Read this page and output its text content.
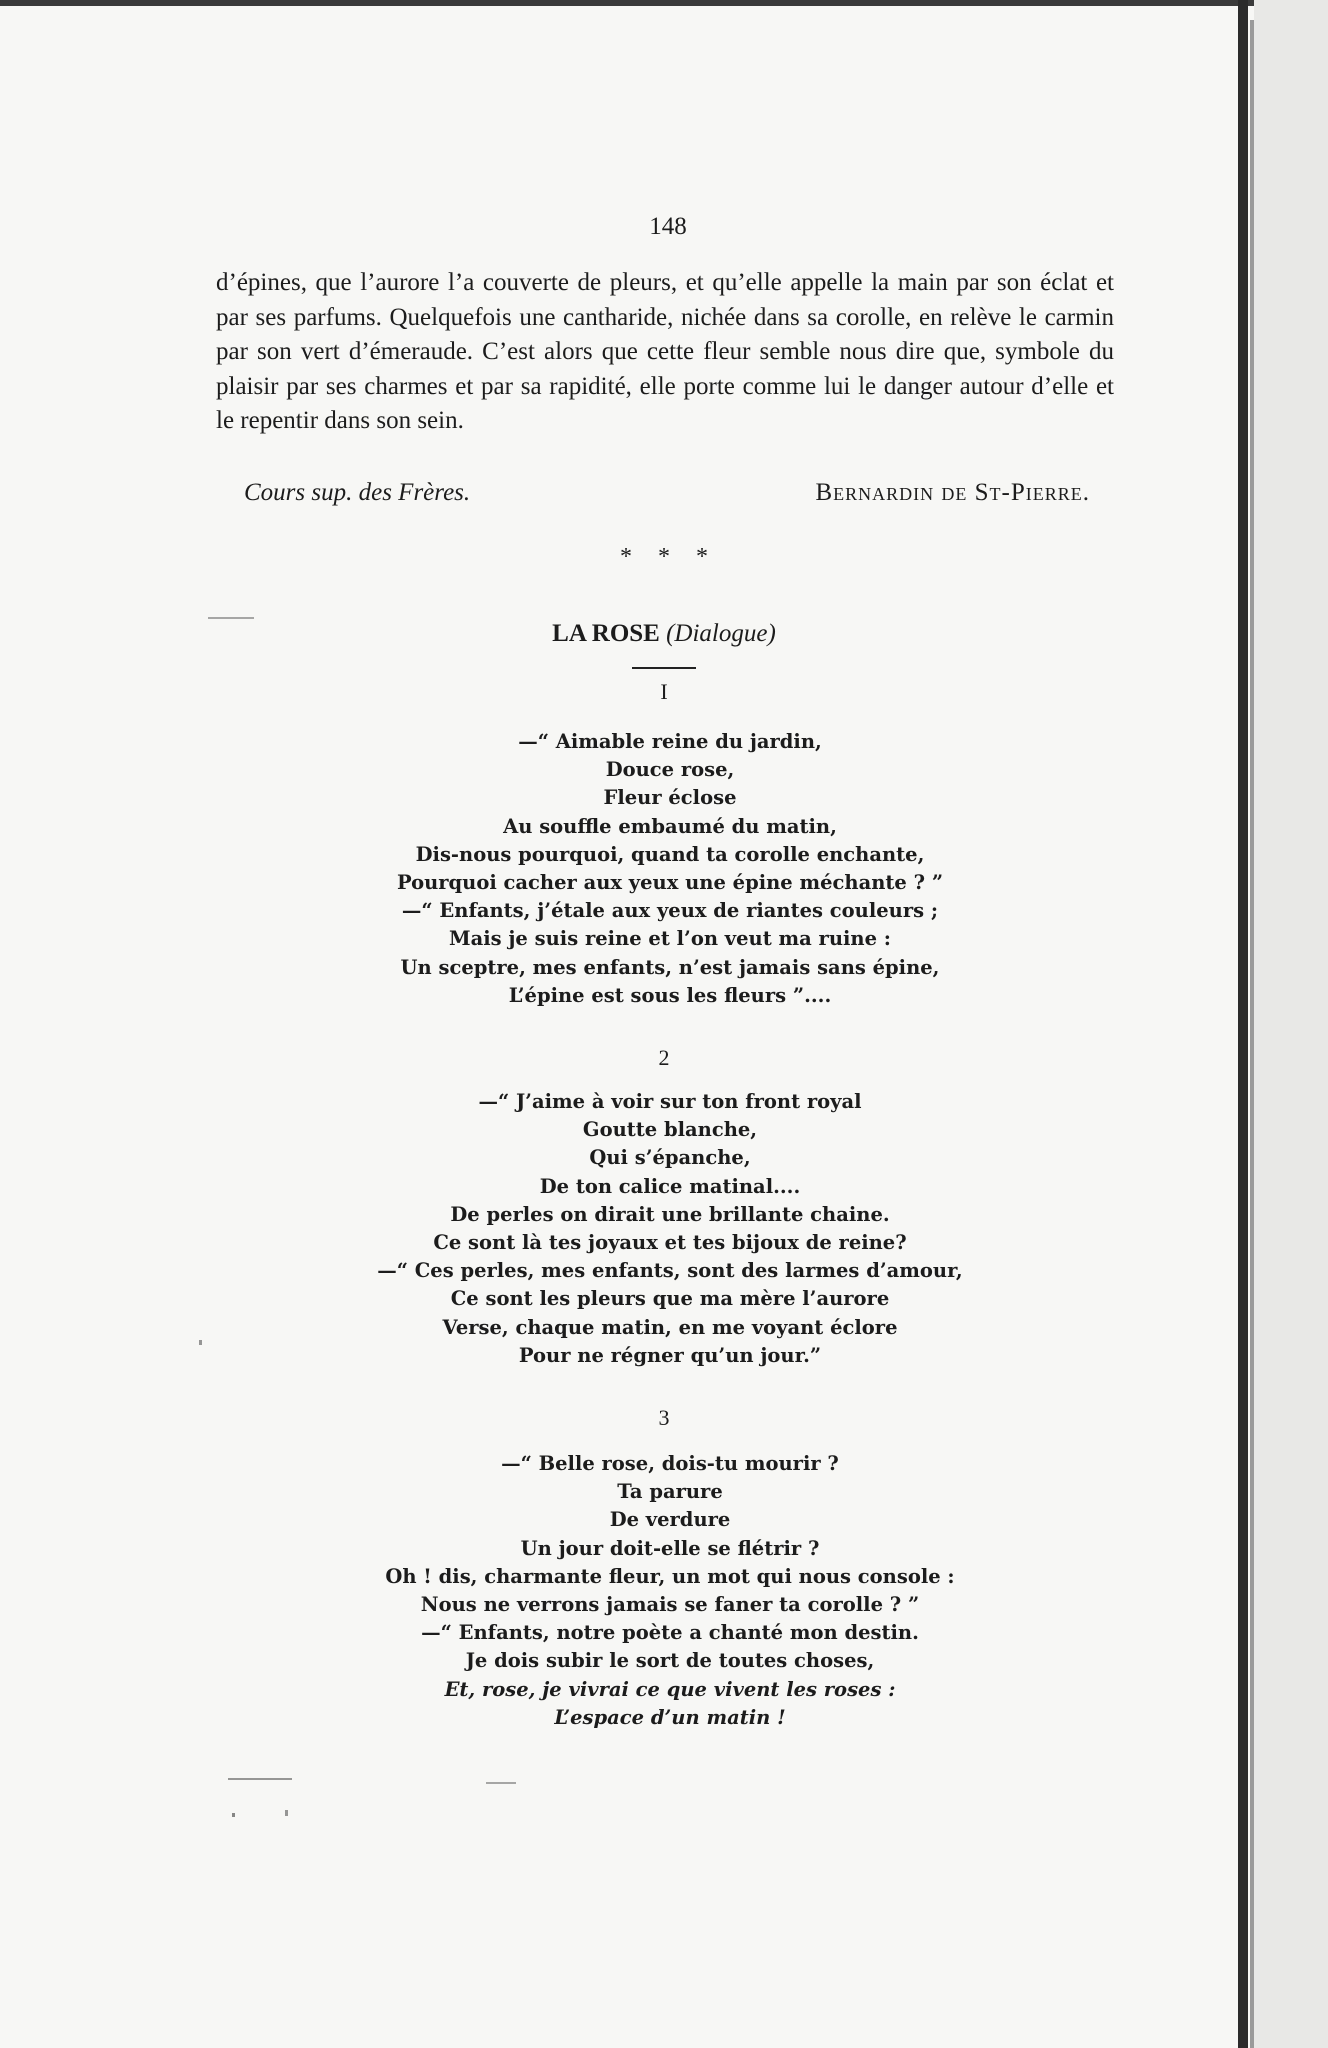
148

d’épines, que l’aurore l’a couverte de pleurs, et qu’elle appelle la main par son éclat et par ses parfums. Quelquefois une cantharide, nichée dans sa corolle, en relève le carmin par son vert d’émeraude. C’est alors que cette fleur semble nous dire que, symbole du plaisir par ses charmes et par sa rapidité, elle porte comme lui le danger autour d’elle et le repentir dans son sein.

Cours sup. des Frères.	Bernardin de St-Pierre.
* * *
LA ROSE (Dialogue)
I
—“ Aimable reine du jardin,
Douce rose,
Fleur éclose
Au souffle embaumé du matin,
Dis-nous pourquoi, quand ta corolle enchante,
Pourquoi cacher aux yeux une épine méchante ? ”
—“ Enfants, j’étale aux yeux de riantes couleurs ;
Mais je suis reine et l’on veut ma ruine :
Un sceptre, mes enfants, n’est jamais sans épine,
L’épine est sous les fleurs ”....
2
—“ J’aime à voir sur ton front royal
Goutte blanche,
Qui s’épanche,
De ton calice matinal....
De perles on dirait une brillante chaine.
Ce sont là tes joyaux et tes bijoux de reine?
—“ Ces perles, mes enfants, sont des larmes d’amour,
Ce sont les pleurs que ma mère l’aurore
Verse, chaque matin, en me voyant éclore
Pour ne régner qu’un jour.”
3
—“ Belle rose, dois-tu mourir ?
Ta parure
De verdure
Un jour doit-elle se flétrir ?
Oh ! dis, charmante fleur, un mot qui nous console :
Nous ne verrons jamais se faner ta corolle ? ”
—“ Enfants, notre poète a chanté mon destin.
Je dois subir le sort de toutes choses,
Et, rose, je vivrai ce que vivent les roses :
L’espace d’un matin !
